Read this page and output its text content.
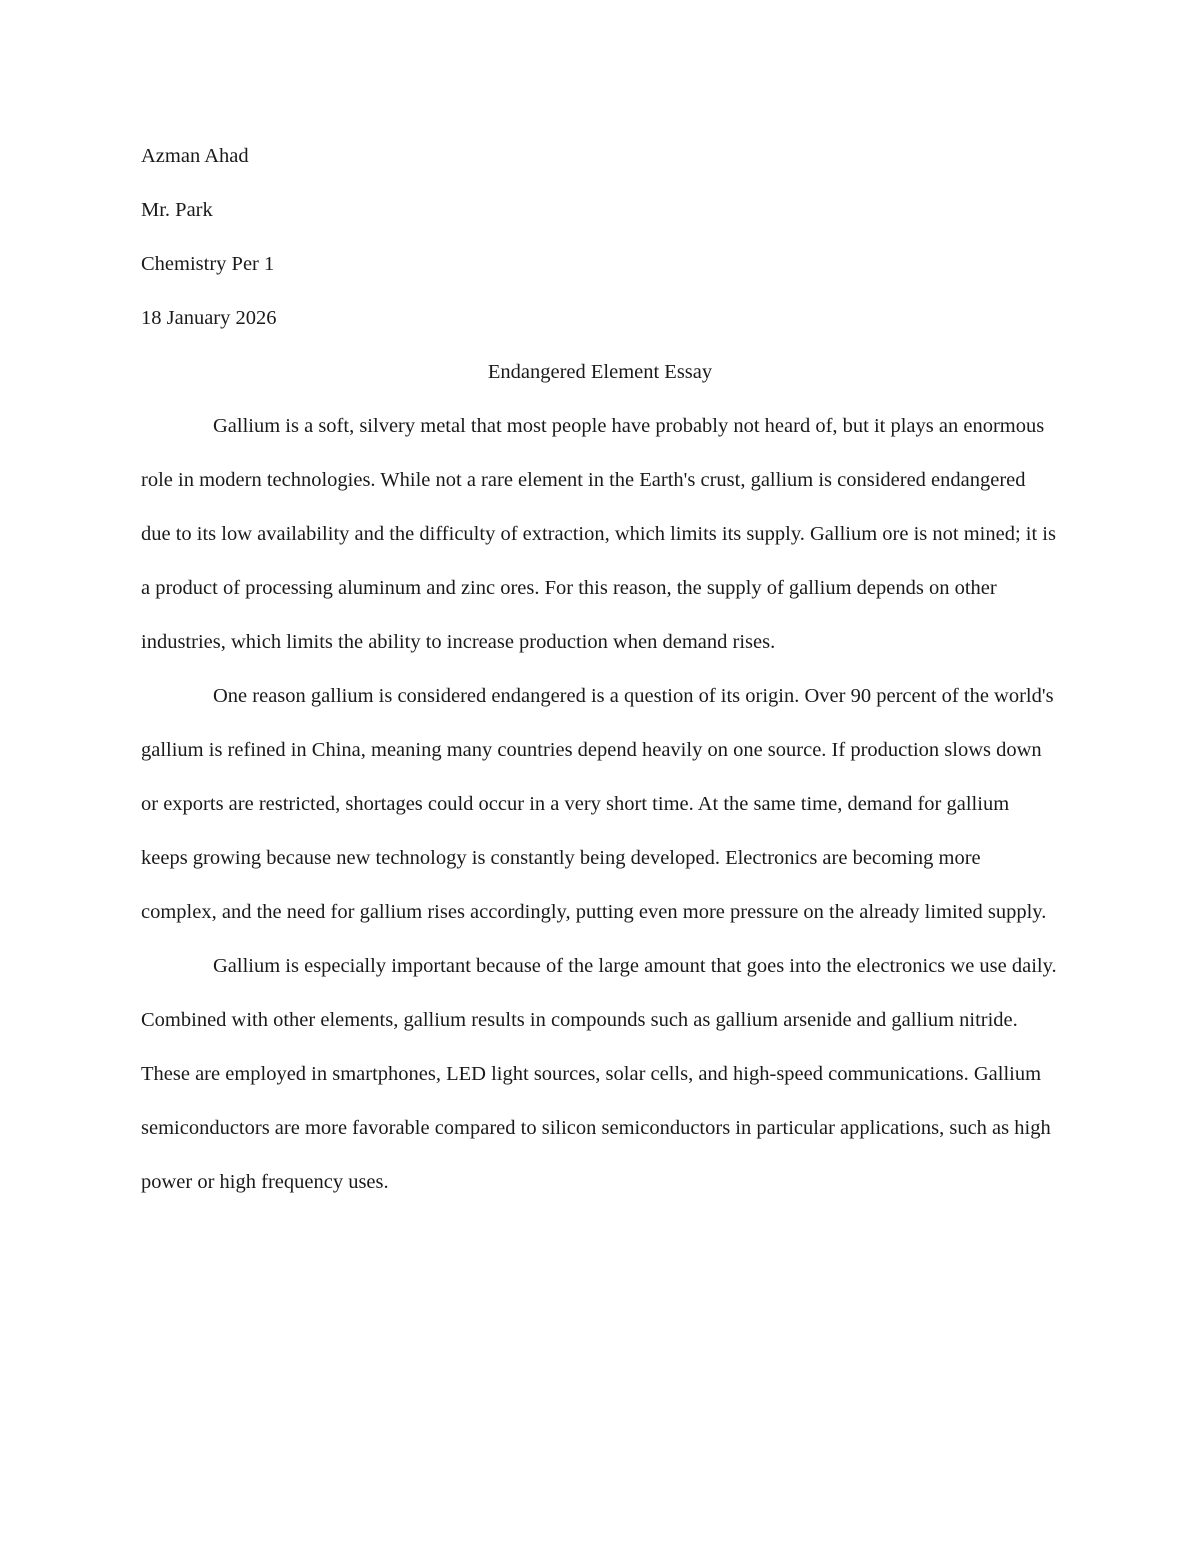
Azman Ahad

Mr. Park

Chemistry Per 1

18 January 2026

Endangered Element Essay

Gallium is a soft, silvery metal that most people have probably not heard of, but it plays an enormous role in modern technologies. While not a rare element in the Earth's crust, gallium is considered endangered due to its low availability and the difficulty of extraction, which limits its supply. Gallium ore is not mined; it is a product of processing aluminum and zinc ores. For this reason, the supply of gallium depends on other industries, which limits the ability to increase production when demand rises.

One reason gallium is considered endangered is a question of its origin. Over 90 percent of the world's gallium is refined in China, meaning many countries depend heavily on one source. If production slows down or exports are restricted, shortages could occur in a very short time. At the same time, demand for gallium keeps growing because new technology is constantly being developed. Electronics are becoming more complex, and the need for gallium rises accordingly, putting even more pressure on the already limited supply.

Gallium is especially important because of the large amount that goes into the electronics we use daily. Combined with other elements, gallium results in compounds such as gallium arsenide and gallium nitride. These are employed in smartphones, LED light sources, solar cells, and high-speed communications. Gallium semiconductors are more favorable compared to silicon semiconductors in particular applications, such as high power or high frequency uses.
